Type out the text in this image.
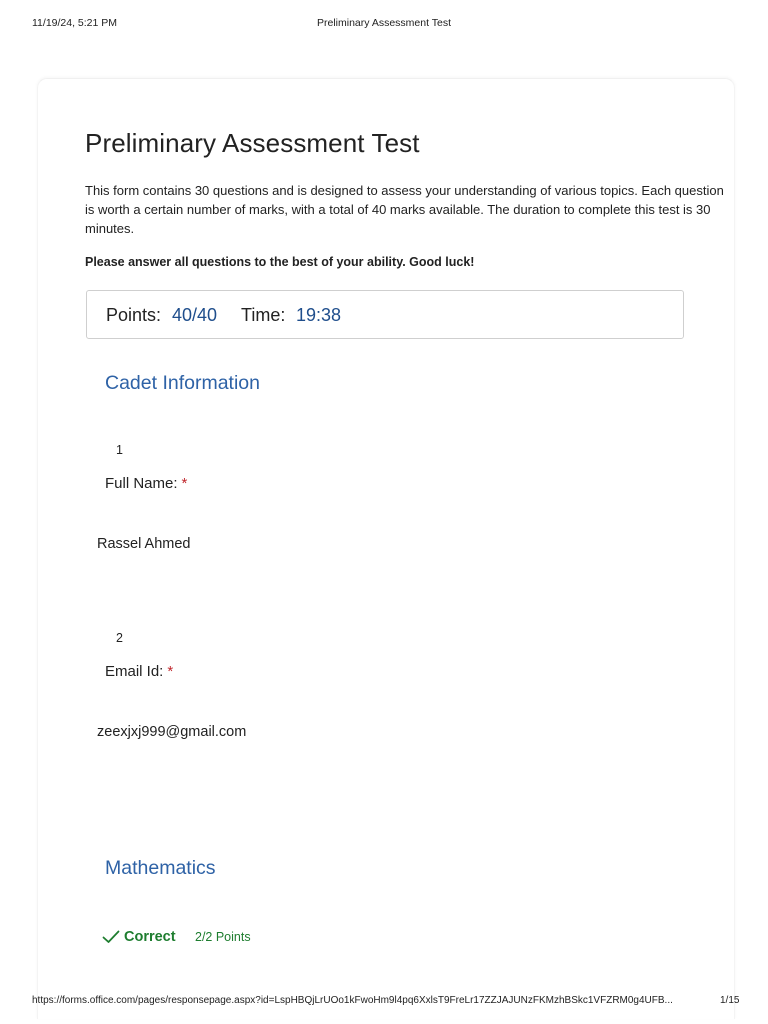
11/19/24, 5:21 PM	Preliminary Assessment Test
Preliminary Assessment Test

This form contains 30 questions and is designed to assess your understanding of various topics. Each question is worth a certain number of marks, with a total of 40 marks available. The duration to complete this test is 30 minutes.

Please answer all questions to the best of your ability. Good luck!

Points: 40/40 Time: 19:38
Cadet Information
1
Full Name: *
Rassel Ahmed
2
Email Id: *
zeexjxj999@gmail.com
Mathematics
Correct 2/2 Points
https://forms.office.com/pages/responsepage.aspx?id=LspHBQjLrUOo1kFwoHm9l4pq6XxlsT9FreLr17ZZJAJUNzFKMzhBSkc1VFZRM0g4UFB...	1/15
